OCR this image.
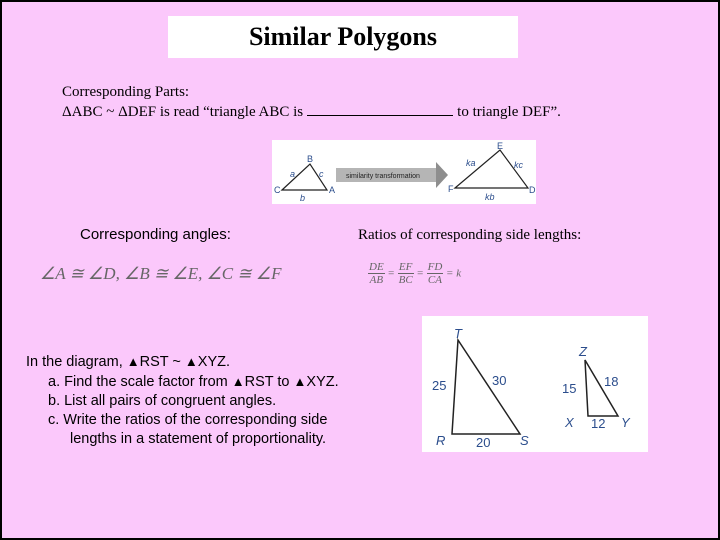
Similar Polygons
Corresponding Parts:
ΔABC ~ ΔDEF is read “triangle ABC is	to triangle DEF”.
similarity transformation
C
B
A
a	c
b
E
F	D
ka	kc
kb
Corresponding angles:	Ratios of corresponding side lengths:
∠A ≅ ∠D, ∠B ≅ ∠E, ∠C ≅ ∠F	$\frac{DE}{AB} = \frac{EF}{BC} = \frac{FD}{CA} = k$
In the diagram, ▲RST ~ ▲XYZ.
a. Find the scale factor from ▲RST to ▲XYZ.
b. List all pairs of congruent angles.
c. Write the ratios of the corresponding side
lengths in a statement of proportionality.
T
R	S
25	30
20
Z
X	Y
15 18
12
